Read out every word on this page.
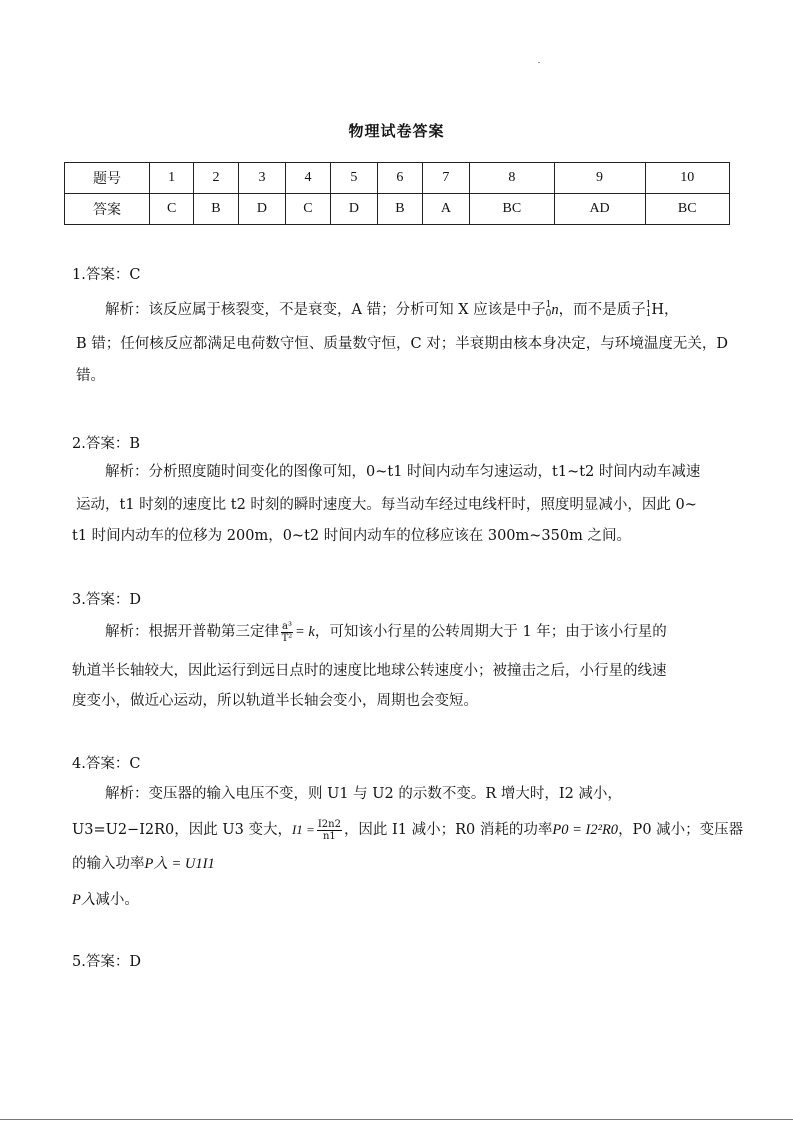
物理试卷答案
题号	1	2	3	4	5	6	7	8	9	10
答案	C	B	D	C	D	B	A	BC	AD	BC
1.答案：C
解析：该反应属于核裂变，不是衰变，A 错；分析可知 X 应该是中子 1
0 n，而不是质子 1
1 H，
B 错；任何核反应都满足电荷数守恒、质量数守恒，C 对；半衰期由核本身决定，与环境温度无关，D 错。
2.答案：B
解析：分析照度随时间变化的图像可知，0~t1 时间内动车匀速运动，t1~t2 时间内动车减速
运动，t1 时刻的速度比 t2 时刻的瞬时速度大。每当动车经过电线杆时，照度明显减小，因此 0~
t1 时间内动车的位移为 200m，0~t2 时间内动车的位移应该在 300m~350m 之间。
3.答案：D
解析：根据开普勒第三定律 $\frac{\text{a³}}{\text{T²}} = k$，可知该小行星的公转周期大于 1 年；由于该小行星的
轨道半长轴较大，因此运行到远日点时的速度比地球公转速度小；被撞击之后，小行星的线速
度变小，做近心运动，所以轨道半长轴会变小，周期也会变短。
4.答案：C
解析：变压器的输入电压不变，则 U1 与 U2 的示数不变。R 增大时，I2 减小，
U3=U2−I2R0，因此 U3 变大，$I1 = \frac{I2n2}{n1}$ ，因此 I1 减小；R0 消耗的功率P0 = I2²R0，P0 减小；变压器
的输入功率P入 = U1I1
P入减小。
5.答案：D
